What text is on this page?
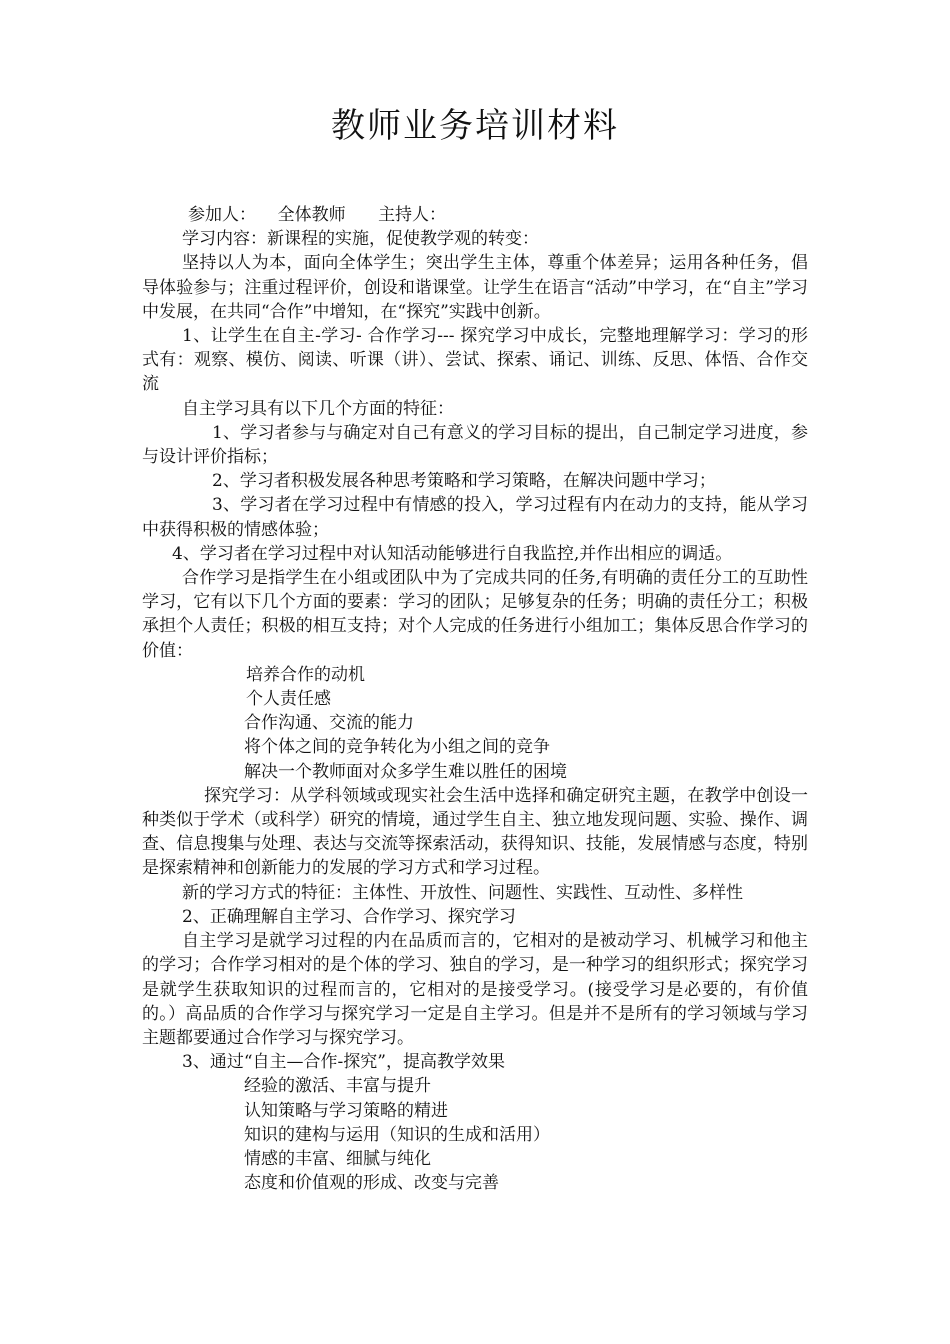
教师业务培训材料

参加人： 全体教师 主持人：

学习内容：新课程的实施，促使教学观的转变：

坚持以人为本，面向全体学生；突出学生主体，尊重个体差异；运用各种任务，倡导体验参与；注重过程评价，创设和谐课堂。让学生在语言“活动”中学习，在“自主”学习中发展，在共同“合作”中增知，在“探究”实践中创新。

1、让学生在自主-学习- 合作学习--- 探究学习中成长，完整地理解学习：学习的形式有：观察、模仿、阅读、听课（讲）、尝试、探索、诵记、训练、反思、体悟、合作交流

自主学习具有以下几个方面的特征：

1、学习者参与与确定对自己有意义的学习目标的提出，自己制定学习进度，参与设计评价指标；

2、学习者积极发展各种思考策略和学习策略，在解决问题中学习；

3、学习者在学习过程中有情感的投入，学习过程有内在动力的支持，能从学习中获得积极的情感体验；

4、学习者在学习过程中对认知活动能够进行自我监控,并作出相应的调适。

合作学习是指学生在小组或团队中为了完成共同的任务,有明确的责任分工的互助性学习，它有以下几个方面的要素：学习的团队；足够复杂的任务；明确的责任分工；积极承担个人责任；积极的相互支持；对个人完成的任务进行小组加工；集体反思合作学习的价值：

培养合作的动机

个人责任感

合作沟通、交流的能力

将个体之间的竞争转化为小组之间的竞争

解决一个教师面对众多学生难以胜任的困境

探究学习：从学科领域或现实社会生活中选择和确定研究主题，在教学中创设一种类似于学术（或科学）研究的情境，通过学生自主、独立地发现问题、实验、操作、调查、信息搜集与处理、表达与交流等探索活动，获得知识、技能，发展情感与态度，特别是探索精神和创新能力的发展的学习方式和学习过程。

新的学习方式的特征：主体性、开放性、问题性、实践性、互动性、多样性

2、正确理解自主学习、合作学习、探究学习

自主学习是就学习过程的内在品质而言的，它相对的是被动学习、机械学习和他主的学习；合作学习相对的是个体的学习、独自的学习，是一种学习的组织形式；探究学习是就学生获取知识的过程而言的，它相对的是接受学习。(接受学习是必要的，有价值的。）高品质的合作学习与探究学习一定是自主学习。但是并不是所有的学习领域与学习主题都要通过合作学习与探究学习。

3、通过“自主—合作-探究”，提高教学效果

经验的激活、丰富与提升

认知策略与学习策略的精进

知识的建构与运用（知识的生成和活用）

情感的丰富、细腻与纯化

态度和价值观的形成、改变与完善
